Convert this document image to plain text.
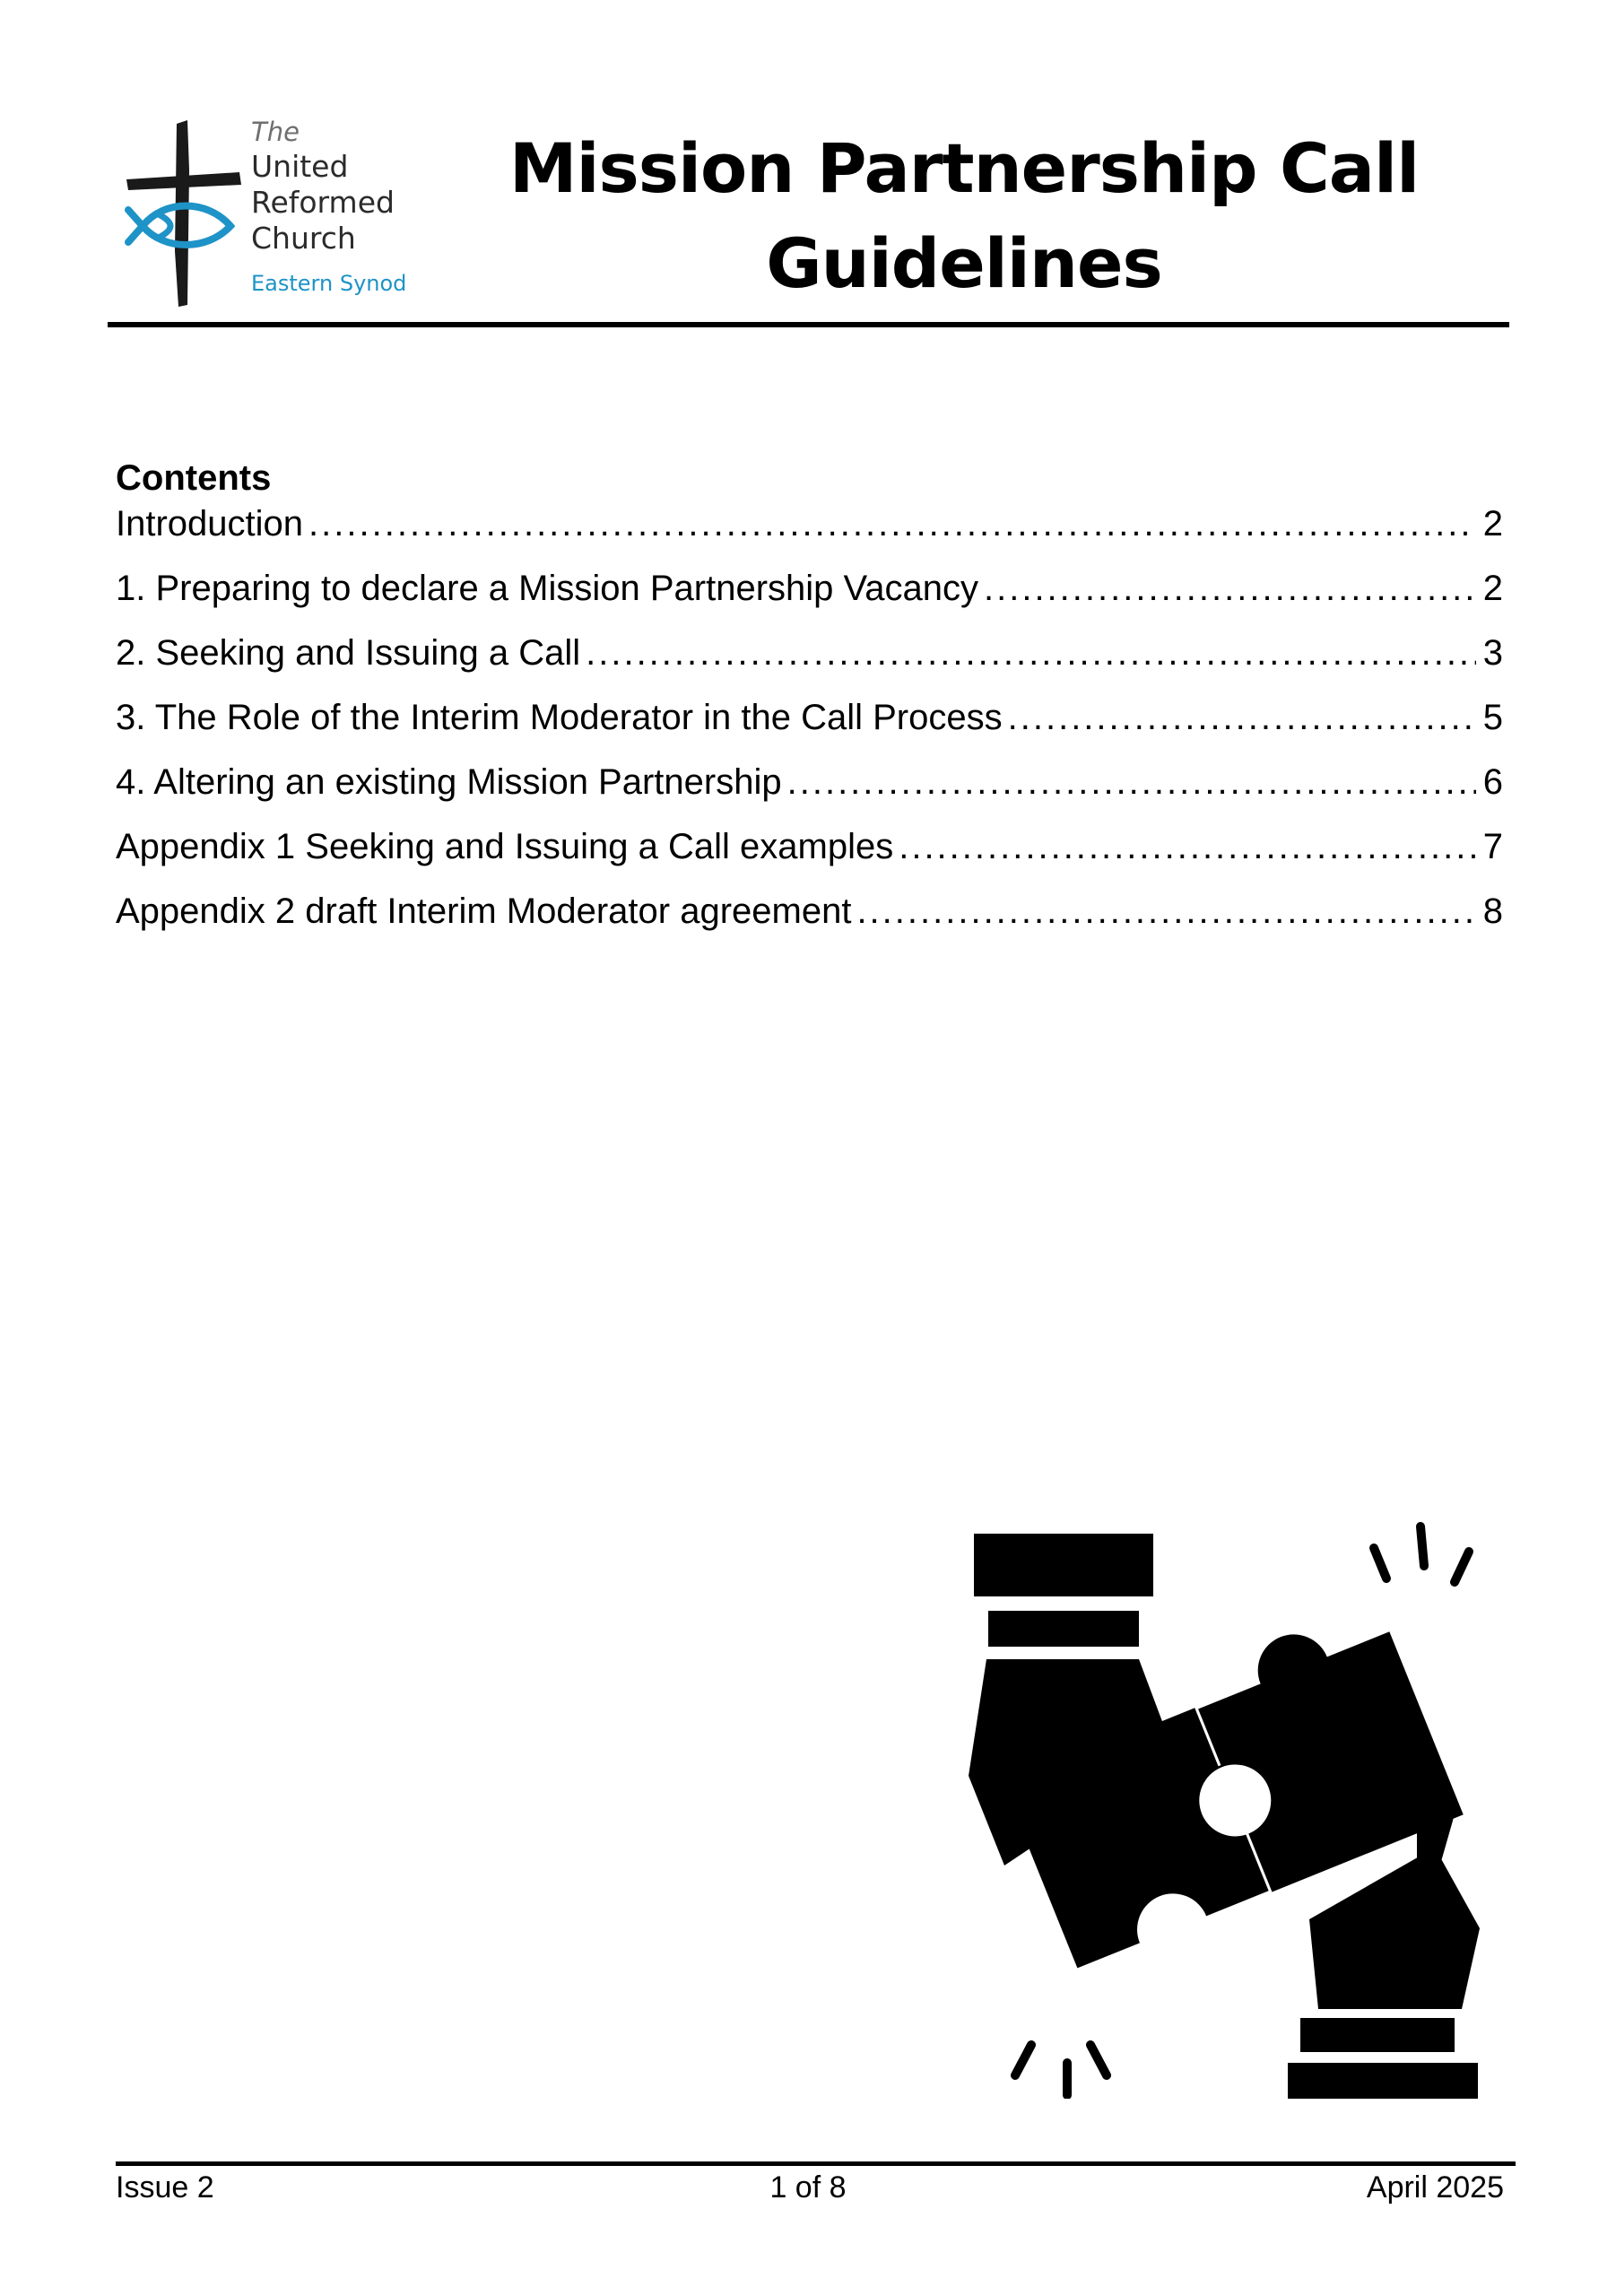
The
United
Reformed
Church
Eastern Synod
Mission Partnership Call
Guidelines
Contents
Introduction .....	2
1. Preparing to declare a Mission Partnership Vacancy .....	2
2. Seeking and Issuing a Call .....	3
3. The Role of the Interim Moderator in the Call Process .....	5
4. Altering an existing Mission Partnership .....	6
Appendix 1 Seeking and Issuing a Call examples .....	7
Appendix 2 draft Interim Moderator agreement .....	8
Issue 2	1 of 8	April 2025
